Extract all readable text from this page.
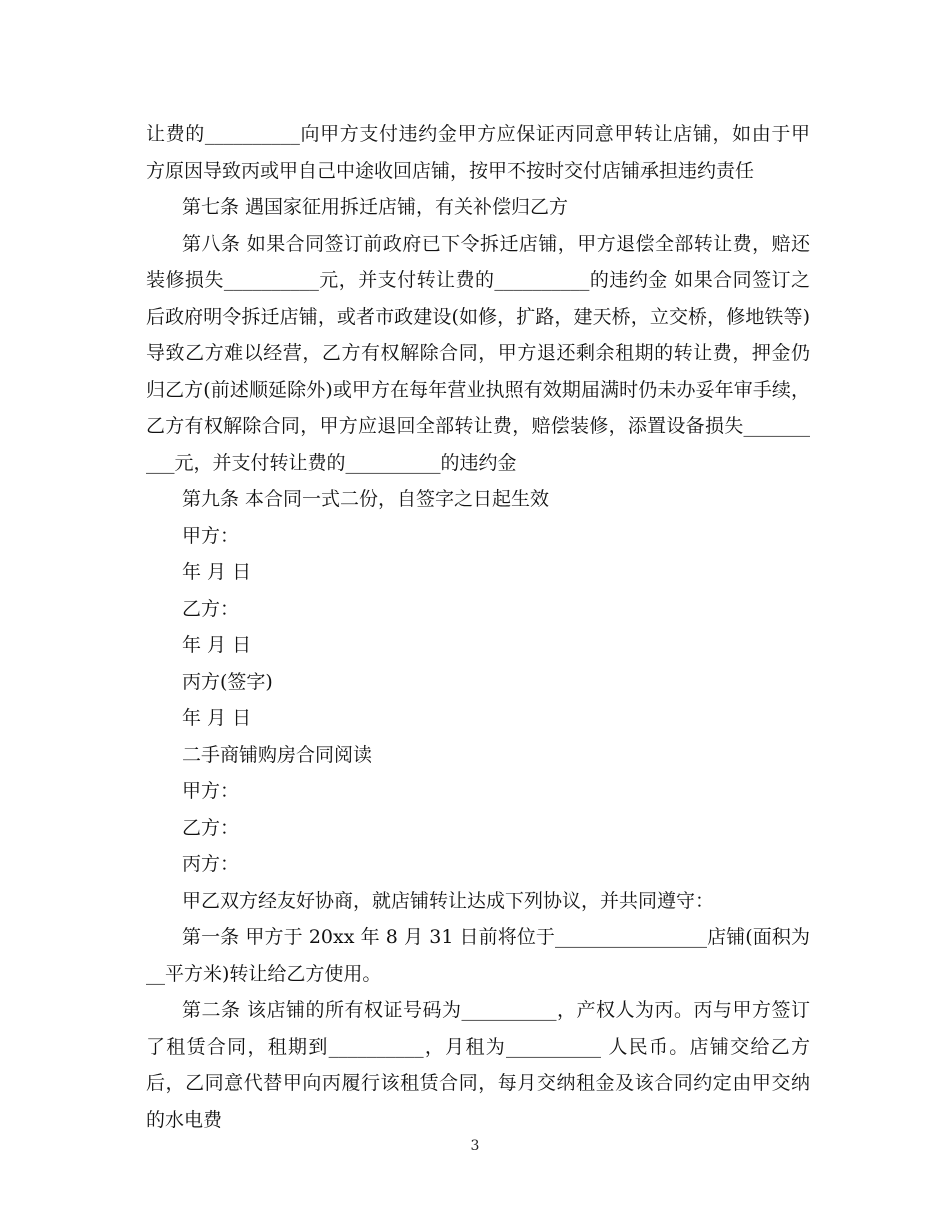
让费的__________向甲方支付违约金甲方应保证丙同意甲转让店铺，如由于甲方原因导致丙或甲自己中途收回店铺，按甲不按时交付店铺承担违约责任

第七条 遇国家征用拆迁店铺，有关补偿归乙方

第八条 如果合同签订前政府已下令拆迁店铺，甲方退偿全部转让费，赔还装修损失__________元，并支付转让费的__________的违约金 如果合同签订之后政府明令拆迁店铺，或者市政建设(如修，扩路，建天桥，立交桥，修地铁等)导致乙方难以经营，乙方有权解除合同，甲方退还剩余租期的转让费，押金仍归乙方(前述顺延除外)或甲方在每年营业执照有效期届满时仍未办妥年审手续，乙方有权解除合同，甲方应退回全部转让费，赔偿装修，添置设备损失__________元，并支付转让费的__________的违约金

第九条 本合同一式二份，自签字之日起生效

甲方：

年 月 日

乙方：

年 月 日

丙方(签字)

年 月 日

二手商铺购房合同阅读

甲方：

乙方：

丙方：

甲乙双方经友好协商，就店铺转让达成下列协议，并共同遵守：

第一条 甲方于 20xx 年 8 月 31 日前将位于________________店铺(面积为__平方米)转让给乙方使用。

第二条 该店铺的所有权证号码为__________，产权人为丙。丙与甲方签订了租赁合同，租期到__________，月租为__________ 人民币。店铺交给乙方后，乙同意代替甲向丙履行该租赁合同，每月交纳租金及该合同约定由甲交纳的水电费

3
